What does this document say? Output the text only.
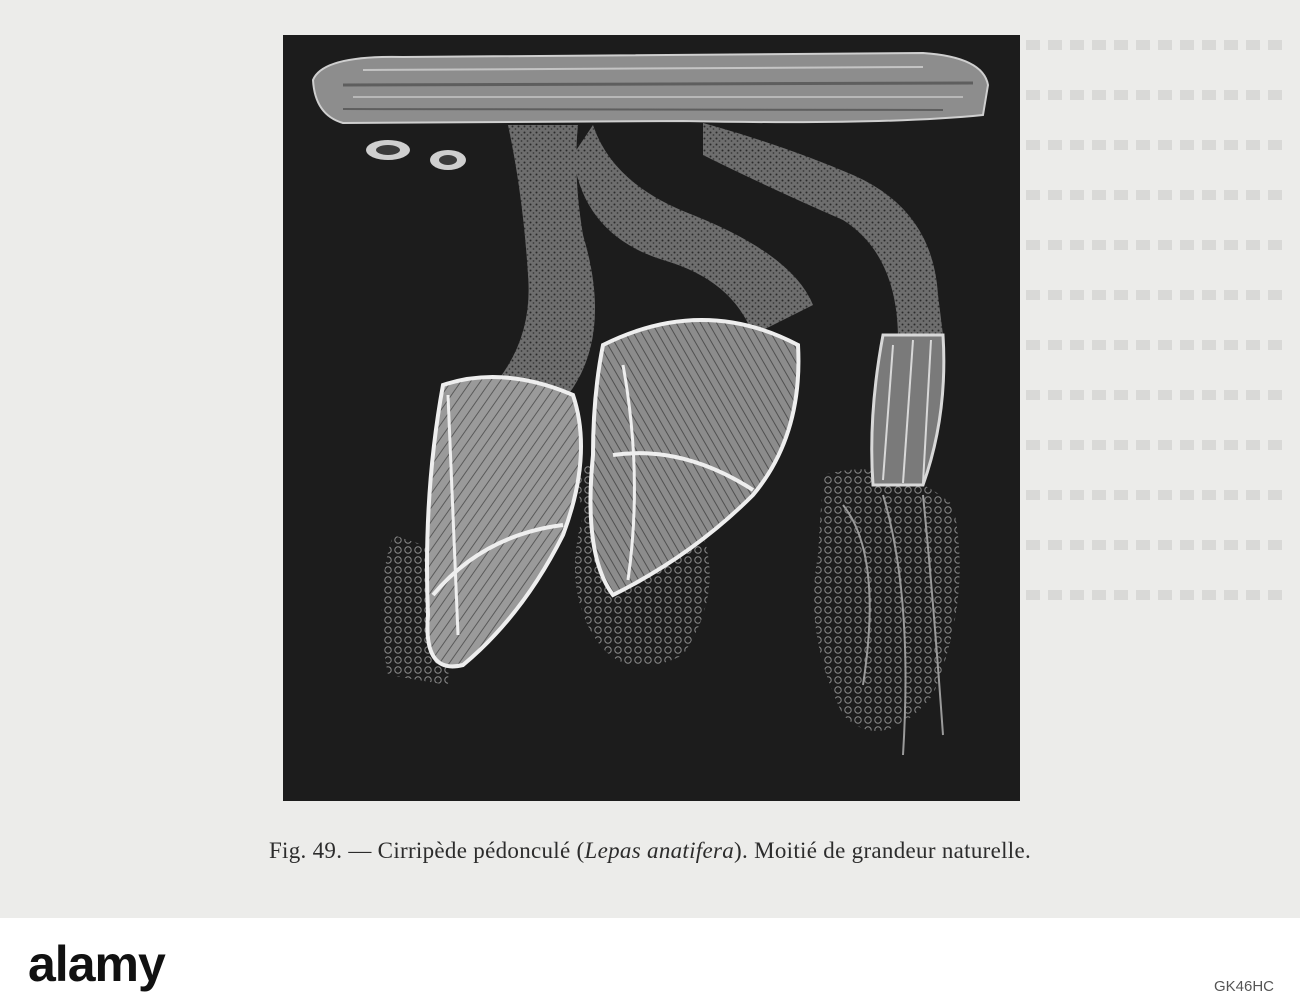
Fig. 49. — Cirripède pédonculé (Lepas anatifera). Moitié de grandeur naturelle.
alamy	GK46HC
